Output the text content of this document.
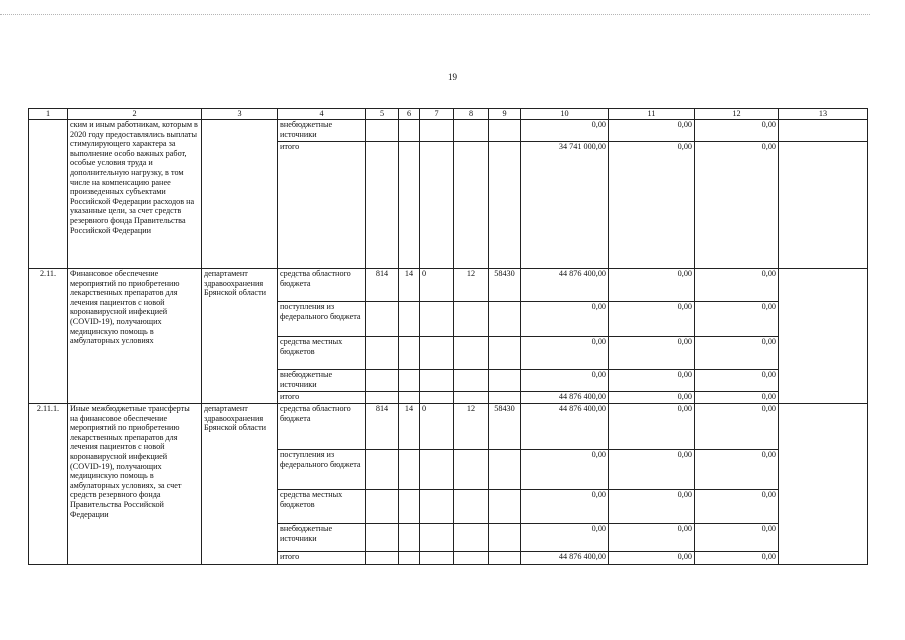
19
1	2	3	4	5	6	7	8	9	10	11	12	13
	ским и иным работникам, которым в 2020 году предоставлялись выплаты стимулирующего характера за выполнение особо важных работ, особые условия труда и дополнительную нагрузку, в том числе на компенсацию ранее произведенных субъектами Российской Федерации расходов на указанные цели, за счет средств резервного фонда Правительства Российской Федерации		внебюджетные источники						0,00	0,00	0,00	
			итого						34 741 000,00	0,00	0,00	
2.11.	Финансовое обеспечение мероприятий по приобретению лекарственных препаратов для лечения пациентов с новой коронавирусной инфекцией (COVID-19), получающих медицинскую помощь в амбулаторных условиях	департамент здравоохранения Брянской области	средства областного бюджета	814	14	0	12	58430	44 876 400,00	0,00	0,00	
			поступления из федерального бюджета						0,00	0,00	0,00	
			средства местных бюджетов						0,00	0,00	0,00	
			внебюджетные источники						0,00	0,00	0,00	
			итого						44 876 400,00	0,00	0,00	
2.11.1.	Иные межбюджетные трансферты на финансовое обеспечение мероприятий по приобретению лекарственных препаратов для лечения пациентов с новой коронавирусной инфекцией (COVID-19), получающих медицинскую помощь в амбулаторных условиях, за счет средств резервного фонда Правительства Российской Федерации	департамент здравоохранения Брянской области	средства областного бюджета	814	14	0	12	58430	44 876 400,00	0,00	0,00	
			поступления из федерального бюджета						0,00	0,00	0,00	
			средства местных бюджетов						0,00	0,00	0,00	
			внебюджетные источники						0,00	0,00	0,00	
			итого						44 876 400,00	0,00	0,00	
